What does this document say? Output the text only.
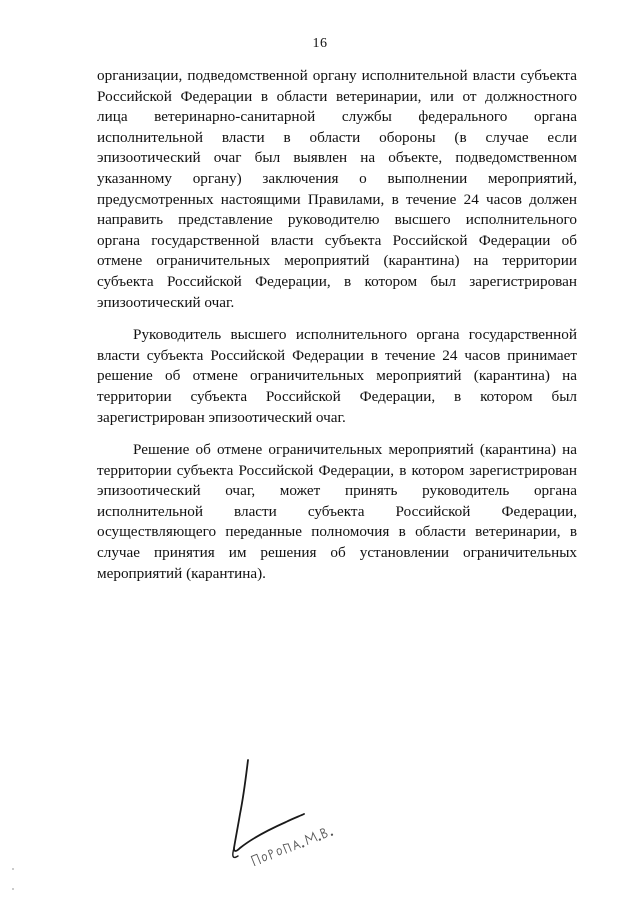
16

организации, подведомственной органу исполнительной власти субъекта Российской Федерации в области ветеринарии, или от должностного лица ветеринарно-санитарной службы федерального органа исполнительной власти в области обороны (в случае если эпизоотический очаг был выявлен на объекте, подведомственном указанному органу) заключения о выполнении мероприятий, предусмотренных настоящими Правилами, в течение 24 часов должен направить представление руководителю высшего исполнительного органа государственной власти субъекта Российской Федерации об отмене ограничительных мероприятий (карантина) на территории субъекта Российской Федерации, в котором был зарегистрирован эпизоотический очаг.

Руководитель высшего исполнительного органа государственной власти субъекта Российской Федерации в течение 24 часов принимает решение об отмене ограничительных мероприятий (карантина) на территории субъекта Российской Федерации, в котором был зарегистрирован эпизоотический очаг.

Решение об отмене ограничительных мероприятий (карантина) на территории субъекта Российской Федерации, в котором зарегистрирован эпизоотический очаг, может принять руководитель органа исполнительной власти субъекта Российской Федерации, осуществляющего переданные полномочия в области ветеринарии, в случае принятия им решения об установлении ограничительных мероприятий (карантина).
